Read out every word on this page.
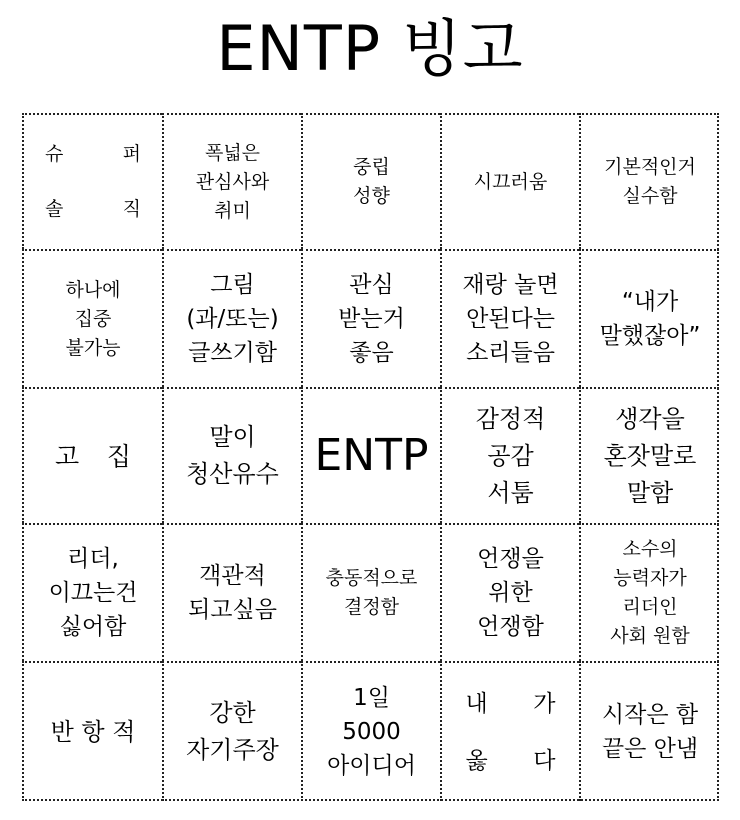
ENTP 빙고
슈	퍼
솔	직
폭넓은
관심사와
취미
중립
성향
시끄러움
기본적인거
실수함
하나에
집중
불가능
그림
(과/또는)
글쓰기함
관심
받는거
좋음
재랑 놀면
안된다는
소리들음
“내가
말했잖아”
고 집
말이
청산유수 ENTP
감정적
공감
서툼
생각을
혼잣말로
말함
리더,
이끄는건
싫어함
객관적
되고싶음
충동적으로
결정함
언쟁을
위한
언쟁함
소수의
능력자가
리더인
사회 원함
반 항 적
강한
자기주장
1일
5000
아이디어
내 가
옳 다
시작은 함
끝은 안냄
